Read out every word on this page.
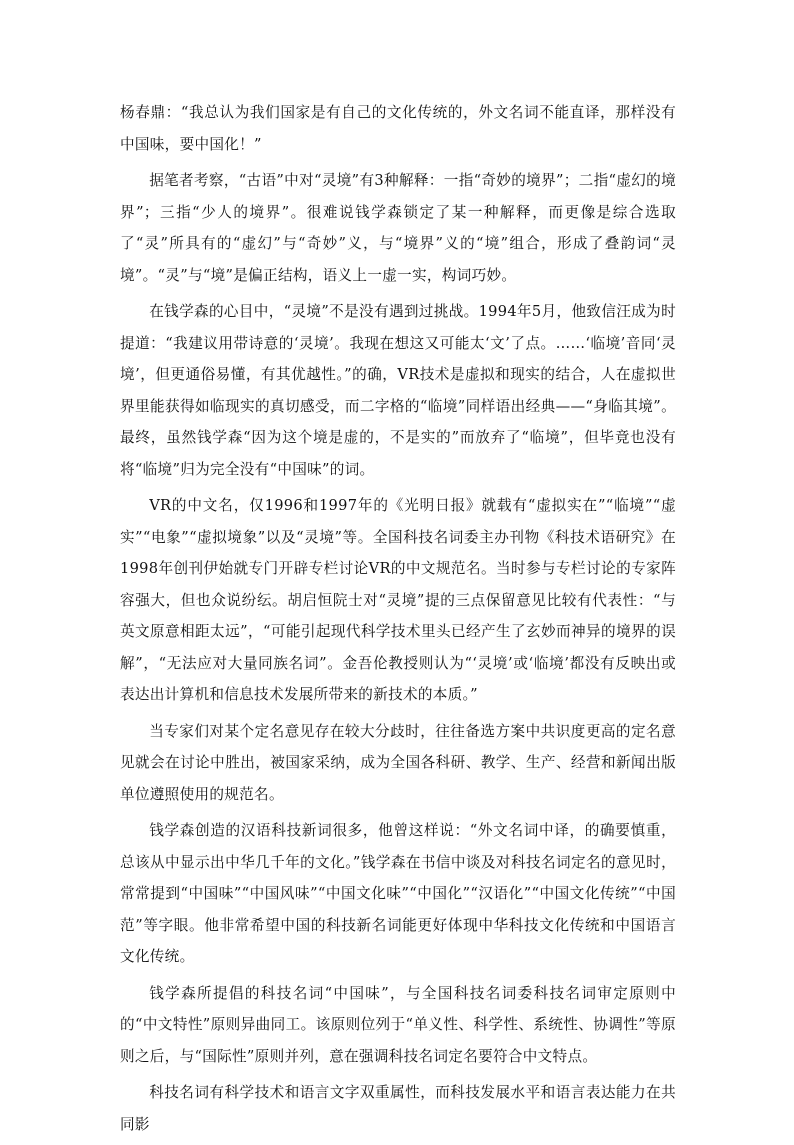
杨春鼎：“我总认为我们国家是有自己的文化传统的，外文名词不能直译，那样没有中国味，要中国化！”

据笔者考察，“古语”中对“灵境”有3种解释：一指“奇妙的境界”；二指“虚幻的境界”；三指“少人的境界”。很难说钱学森锁定了某一种解释，而更像是综合选取了“灵”所具有的“虚幻”与“奇妙”义，与“境界”义的“境”组合，形成了叠韵词“灵境”。“灵”与“境”是偏正结构，语义上一虚一实，构词巧妙。

在钱学森的心目中，“灵境”不是没有遇到过挑战。1994年5月，他致信汪成为时提道：“我建议用带诗意的‘灵境’。我现在想这又可能太‘文’了点。……‘临境’音同‘灵境’，但更通俗易懂，有其优越性。”的确，VR技术是虚拟和现实的结合，人在虚拟世界里能获得如临现实的真切感受，而二字格的“临境”同样语出经典——“身临其境”。最终，虽然钱学森“因为这个境是虚的，不是实的”而放弃了“临境”，但毕竟也没有将“临境”归为完全没有“中国味”的词。

VR的中文名，仅1996和1997年的《光明日报》就载有“虚拟实在”“临境”“虚实”“电象”“虚拟境象”以及“灵境”等。全国科技名词委主办刊物《科技术语研究》在1998年创刊伊始就专门开辟专栏讨论VR的中文规范名。当时参与专栏讨论的专家阵容强大，但也众说纷纭。胡启恒院士对“灵境”提的三点保留意见比较有代表性：“与英文原意相距太远”，“可能引起现代科学技术里头已经产生了玄妙而神异的境界的误解”，“无法应对大量同族名词”。金吾伦教授则认为“‘灵境’或‘临境’都没有反映出或表达出计算机和信息技术发展所带来的新技术的本质。”

当专家们对某个定名意见存在较大分歧时，往往备选方案中共识度更高的定名意见就会在讨论中胜出，被国家采纳，成为全国各科研、教学、生产、经营和新闻出版单位遵照使用的规范名。

钱学森创造的汉语科技新词很多，他曾这样说：“外文名词中译，的确要慎重，总该从中显示出中华几千年的文化。”钱学森在书信中谈及对科技名词定名的意见时，常常提到“中国味”“中国风味”“中国文化味”“中国化”“汉语化”“中国文化传统”“中国范”等字眼。他非常希望中国的科技新名词能更好体现中华科技文化传统和中国语言文化传统。

钱学森所提倡的科技名词“中国味”，与全国科技名词委科技名词审定原则中的“中文特性”原则异曲同工。该原则位列于“单义性、科学性、系统性、协调性”等原则之后，与“国际性”原则并列，意在强调科技名词定名要符合中文特点。

科技名词有科学技术和语言文字双重属性，而科技发展水平和语言表达能力在共同影
